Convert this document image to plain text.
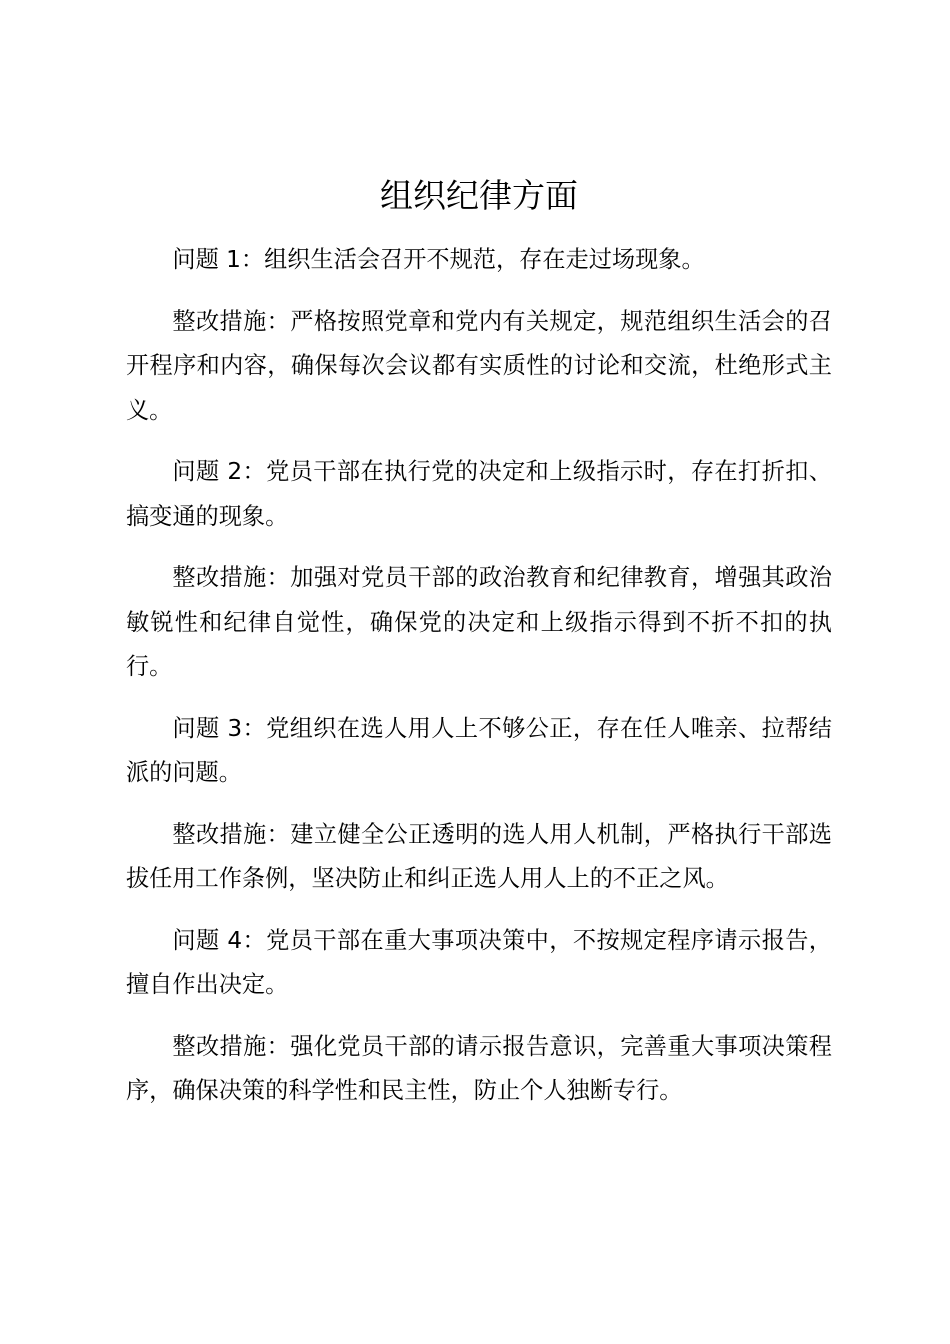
组织纪律方面

问题 1：组织生活会召开不规范，存在走过场现象。

整改措施：严格按照党章和党内有关规定，规范组织生活会的召开程序和内容，确保每次会议都有实质性的讨论和交流，杜绝形式主义。

问题 2：党员干部在执行党的决定和上级指示时，存在打折扣、搞变通的现象。

整改措施：加强对党员干部的政治教育和纪律教育，增强其政治敏锐性和纪律自觉性，确保党的决定和上级指示得到不折不扣的执行。

问题 3：党组织在选人用人上不够公正，存在任人唯亲、拉帮结派的问题。

整改措施：建立健全公正透明的选人用人机制，严格执行干部选拔任用工作条例，坚决防止和纠正选人用人上的不正之风。

问题 4：党员干部在重大事项决策中，不按规定程序请示报告，擅自作出决定。

整改措施：强化党员干部的请示报告意识，完善重大事项决策程序，确保决策的科学性和民主性，防止个人独断专行。
